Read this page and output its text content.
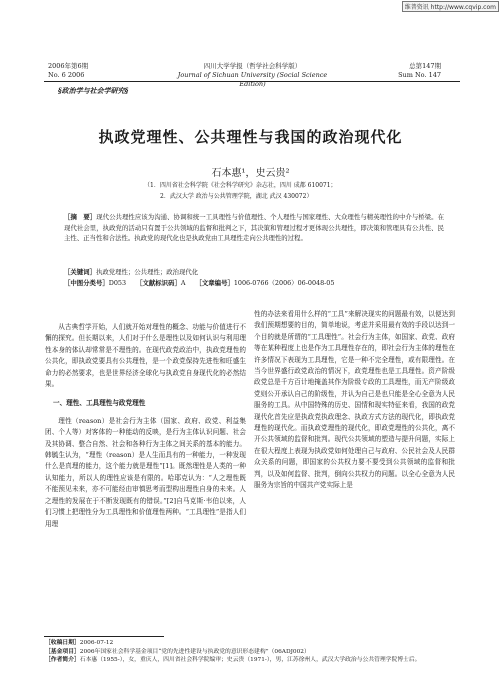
维普资讯 http://www.cqvip.com
2006年第6期
No. 6 2006
四川大学学报（哲学社会科学版）
Journal of Sichuan University (Social Science Edition)
总第147期
Sum No. 147
§政治学与社会学研究§
执政党理性、公共理性与我国的政治现代化
石本惠¹，史云贵²
（1．四川省社会科学院《社会科学研究》杂志社，四川 成都 610071；
2．武汉大学 政治与公共管理学院，湖北 武汉 430072）
［摘　要］现代公共理性应该为沟通、协调和统一工具理性与价值理性、个人理性与国家理性、大众理性与精英理性的中介与桥梁。在现代社会里，执政党的活动只有置于公共领域的监督和批判之下，其决策和管理过程才更体现公共理性，即决策和管理具有公共性、民主性、正当性和合法性。执政党的现代化也是执政党由工具理性走向公共理性的过程。
［关键词］执政党理性；公共理性；政治现代化
［中图分类号］D053 ［文献标识码］A ［文章编号］1006-0766（2006）06-0048-05

从古典哲学开始，人们就开始对理性的概念、功能与价值进行不懈的探究。但长期以来，人们对于什么是理性以及如何认识与利用理性本身的体认却常常是不理性的。在现代政党政治中，执政党理性的公共化，即执政党要具有公共理性，是一个政党保持先进性和旺盛生命力的必然要求，也是世界经济全球化与执政党自身现代化的必然结果。

一、理性、工具理性与政党理性

理性（reason）是社会行为主体（国家、政府、政党、利益集团、个人等）对客体的一种能动的反映，是行为主体认识问题、社会及其协调、整合自然、社会和各种行为主体之间关系的基本的能力。韩毓生认为，“理性（reason）是人生而具有的一种能力，一种发现什么是真理的能力，这个能力就是理性”[1]。既然理性是人类的一种认知能力，所以人的理性应该是有限的。哈耶克认为：“人之理性既不能预见未来，亦不可能经由审慎思考而型构出理性自身的未来。人之理性的发展在于不断发现既有的错误。”[2]自马克斯·韦伯以来，人们习惯上把理性分为工具理性和价值理性两种。“工具理性”是指人们用理

性的办法来看用什么样的“工具”来解决现实的问题最有效，以便达到我们预期想要的目的，简单地说，考虑并采用最有效的手段以达到一个目的就是所谓的“工具理性”。社会行为主体，如国家、政党、政府等在某种程度上也是作为工具理性存在的，即社会行为主体的理性在许多情况下表现为工具理性，它是一种不完全理性，或有限理性。在当今世界盛行政党政治的情况下，政党理性也是工具理性。资产阶级政党总是千方百计地掩盖其作为阶级专政的工具理性，而无产阶级政党则公开承认自己的阶级性，并认为自己是也只能是全心全意为人民服务的工具。从中国特殊的历史、国情和现实特征来看，我国的政党现代化首先应是执政党执政理念、执政方式方法的现代化，即执政党理性的现代化。而执政党理性的现代化，即政党理性的公共化，离不开公共领域的监督和批判。现代公共领域的塑造与提升问题，实际上在很大程度上表现为执政党如何处理自己与政府、公民社会及人民群众关系的问题，即国家的公共权力要不要受到公共领域的监督和批判，以及如何监督、批判，倒向公共权力的问题。以全心全意为人民服务为宗旨的中国共产党实际上是

［收稿日期］2006-07-12
［基金项目］2006年国家社会科学基金项目“党的先进性建设与执政党的意识形态建构”（06ADJ002）
［作者简介］石本惠（1955-），女，重庆人，四川省社会科学院编审；史云贵（1971-），男，江苏徐州人，武汉大学政治与公共管理学院博士后。
